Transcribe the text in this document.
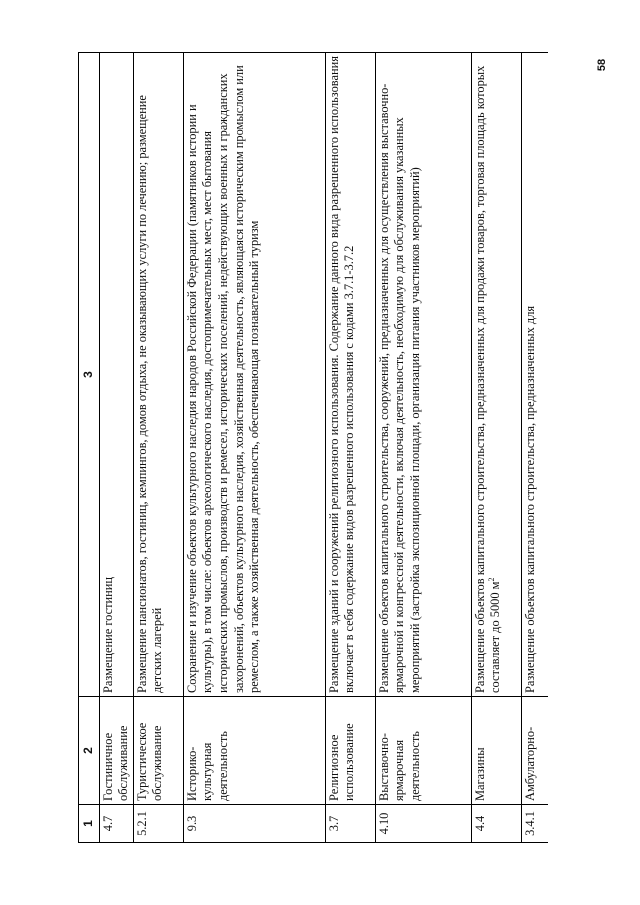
58
1	2	3
4.7	Гостиничное обслуживание	Размещение гостиниц
5.2.1	Туристическое обслуживание	Размещение пансионатов, гостиниц, кемпингов, домов отдыха, не оказывающих услуги по лечению; размещение детских лагерей
9.3	Историко-культурная деятельность	Сохранение и изучение объектов культурного наследия народов Российской Федерации (памятников истории и культуры), в том числе: объектов археологического наследия, достопримечательных мест, мест бытования исторических промыслов, производств и ремесел, исторических поселений, недействующих военных и гражданских захоронений, объектов культурного наследия, хозяйственная деятельность, являющаяся историческим промыслом или ремеслом, а также хозяйственная деятельность, обеспечивающая познавательный туризм
3.7	Религиозное использование	Размещение зданий и сооружений религиозного использования. Содержание данного вида разрешенного использования включает в себя содержание видов разрешенного использования с кодами 3.7.1-3.7.2
4.10	Выставочно-ярмарочная деятельность	Размещение объектов капитального строительства, сооружений, предназначенных для осуществления выставочно-ярмарочной и конгрессной деятельности, включая деятельность, необходимую для обслуживания указанных мероприятий (застройка экспозиционной площади, организация питания участников мероприятий)
4.4	Магазины	Размещение объектов капитального строительства, предназначенных для продажи товаров, торговая площадь которых составляет до 5000 $м^2$
3.4.1	Амбулаторно-	Размещение объектов капитального строительства, предназначенных для
